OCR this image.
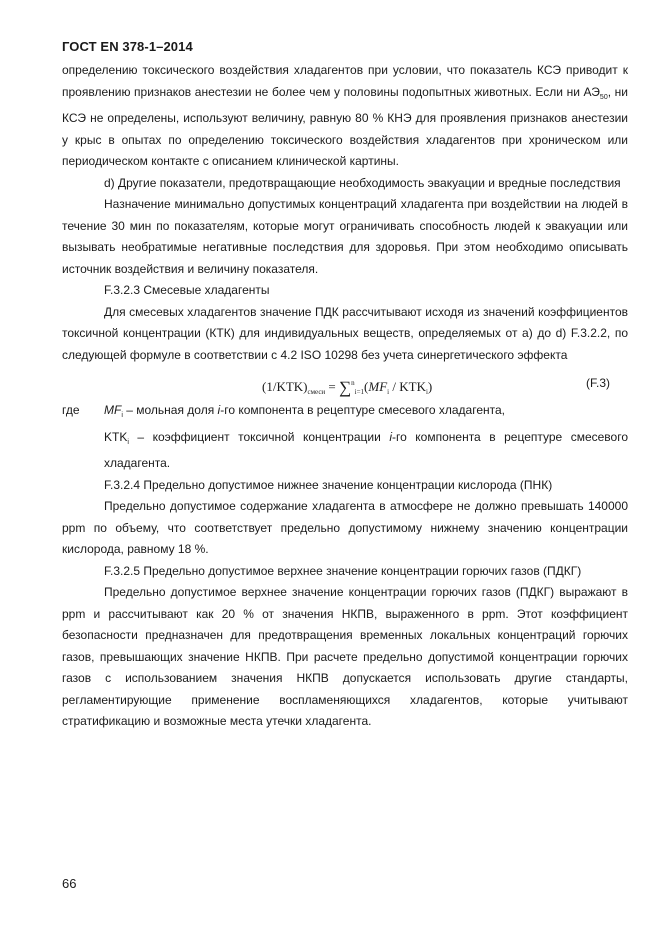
ГОСТ EN 378-1–2014

определению токсического воздействия хладагентов при условии, что показатель КСЭ приводит к проявлению признаков анестезии не более чем у половины подопытных животных. Если ни $АЭ_{50}$, ни КСЭ не определены, используют величину, равную 80 % КНЭ для проявления признаков анестезии у крыс в опытах по определению токсического воздействия хладагентов при хроническом или периодическом контакте с описанием клинической картины.

d) Другие показатели, предотвращающие необходимость эвакуации и вредные последствия

Назначение минимально допустимых концентраций хладагента при воздействии на людей в течение 30 мин по показателям, которые могут ограничивать способность людей к эвакуации или вызывать необратимые негативные последствия для здоровья. При этом необходимо описывать источник воздействия и величину показателя.

F.3.2.3 Смесевые хладагенты

Для смесевых хладагентов значение ПДК рассчитывают исходя из значений коэффициентов токсичной концентрации (КТК) для индивидуальных веществ, определяемых от a) до d) F.3.2.2, по следующей формуле в соответствии с 4.2 ISO 10298 без учета синергетического эффекта

$(1/KTK)_{смеси} = \sum^n_{i=1}(MF_i / KTK_i)$	(F.3)

где $MF_i$ – мольная доля i-го компонента в рецептуре смесевого хладагента,

$KTK_i$ – коэффициент токсичной концентрации i-го компонента в рецептуре смесевого хладагента.

F.3.2.4 Предельно допустимое нижнее значение концентрации кислорода (ПНК)

Предельно допустимое содержание хладагента в атмосфере не должно превышать 140000 ppm по объему, что соответствует предельно допустимому нижнему значению концентрации кислорода, равному 18 %.

F.3.2.5 Предельно допустимое верхнее значение концентрации горючих газов (ПДКГ)

Предельно допустимое верхнее значение концентрации горючих газов (ПДКГ) выражают в ppm и рассчитывают как 20 % от значения НКПВ, выраженного в ppm. Этот коэффициент безопасности предназначен для предотвращения временных локальных концентраций горючих газов, превышающих значение НКПВ. При расчете предельно допустимой концентрации горючих газов с использованием значения НКПВ допускается использовать другие стандарты, регламентирующие применение воспламеняющихся хладагентов, которые учитывают стратификацию и возможные места утечки хладагента.

66
